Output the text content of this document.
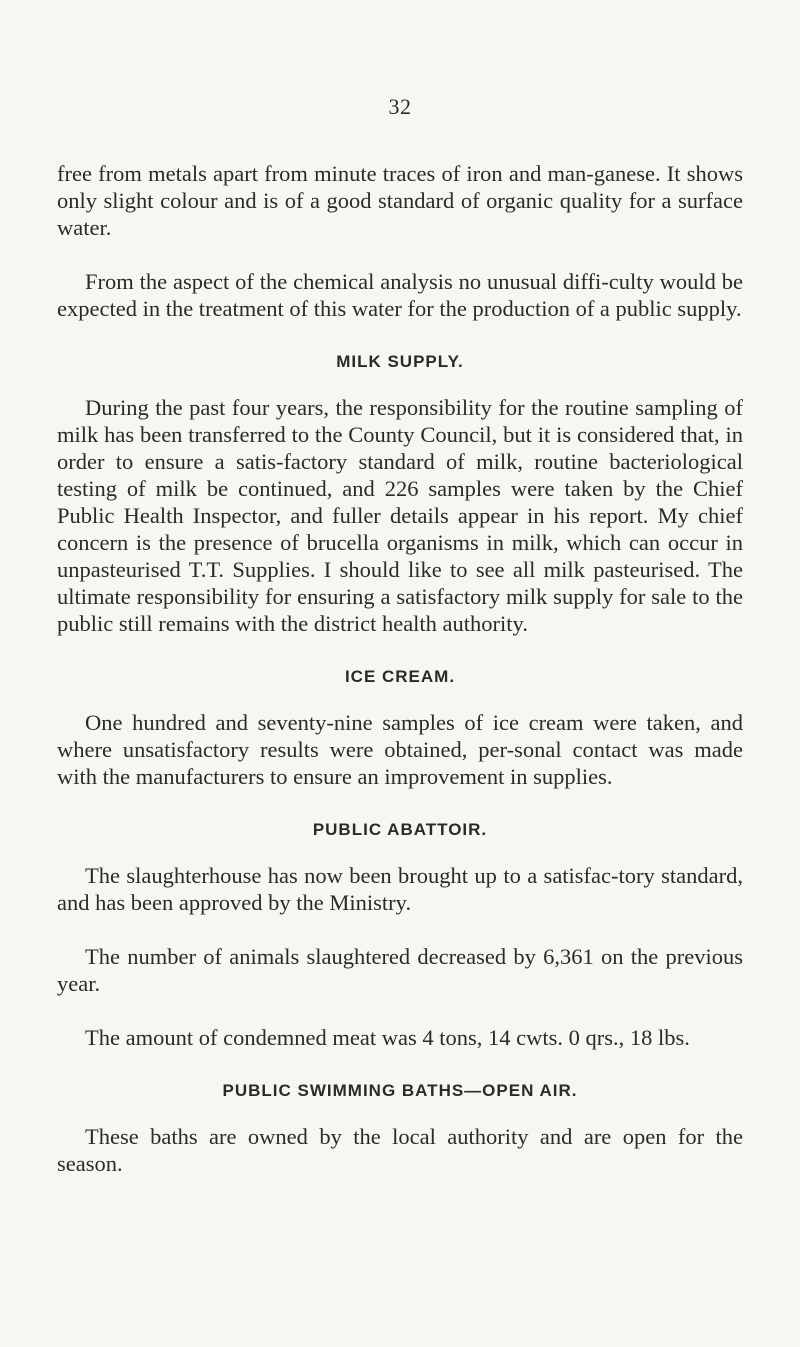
32

free from metals apart from minute traces of iron and man-ganese. It shows only slight colour and is of a good standard of organic quality for a surface water.

From the aspect of the chemical analysis no unusual diffi-culty would be expected in the treatment of this water for the production of a public supply.

MILK SUPPLY.

During the past four years, the responsibility for the routine sampling of milk has been transferred to the County Council, but it is considered that, in order to ensure a satis-factory standard of milk, routine bacteriological testing of milk be continued, and 226 samples were taken by the Chief Public Health Inspector, and fuller details appear in his report. My chief concern is the presence of brucella organisms in milk, which can occur in unpasteurised T.T. Supplies. I should like to see all milk pasteurised. The ultimate responsibility for ensuring a satisfactory milk supply for sale to the public still remains with the district health authority.

ICE CREAM.

One hundred and seventy-nine samples of ice cream were taken, and where unsatisfactory results were obtained, per-sonal contact was made with the manufacturers to ensure an improvement in supplies.

PUBLIC ABATTOIR.

The slaughterhouse has now been brought up to a satisfac-tory standard, and has been approved by the Ministry.

The number of animals slaughtered decreased by 6,361 on the previous year.

The amount of condemned meat was 4 tons, 14 cwts. 0 qrs., 18 lbs.

PUBLIC SWIMMING BATHS—OPEN AIR.

These baths are owned by the local authority and are open for the season.
